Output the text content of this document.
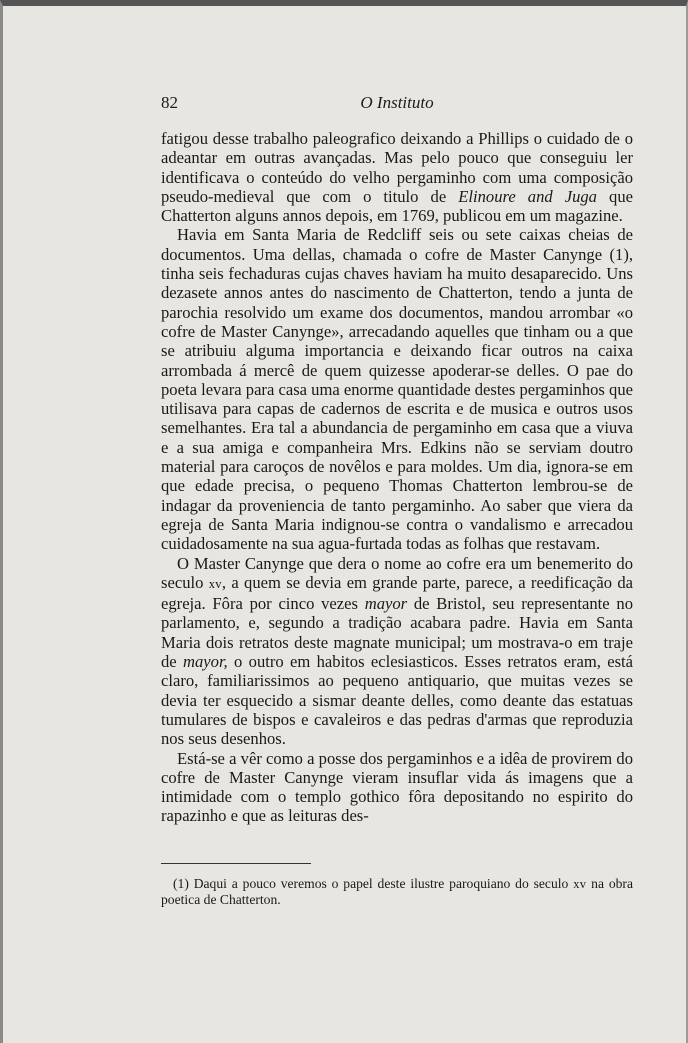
82	O Instituto

fatigou desse trabalho paleografico deixando a Phillips o cuidado de o adeantar em outras avançadas. Mas pelo pouco que conseguiu ler identificava o conteúdo do velho pergaminho com uma composição pseudo-medieval que com o titulo de Elinoure and Juga que Chatterton alguns annos depois, em 1769, publicou em um magazine.

Havia em Santa Maria de Redcliff seis ou sete caixas cheias de documentos. Uma dellas, chamada o cofre de Master Canynge (1), tinha seis fechaduras cujas chaves haviam ha muito desaparecido. Uns dezasete annos antes do nascimento de Chatterton, tendo a junta de parochia resolvido um exame dos documentos, mandou arrombar «o cofre de Master Canynge», arrecadando aquelles que tinham ou a que se atribuiu alguma importancia e deixando ficar outros na caixa arrombada á mercê de quem quizesse apoderar-se delles. O pae do poeta levara para casa uma enorme quantidade destes pergaminhos que utilisava para capas de cadernos de escrita e de musica e outros usos semelhantes. Era tal a abundancia de pergaminho em casa que a viuva e a sua amiga e companheira Mrs. Edkins não se serviam doutro material para caroços de novêlos e para moldes. Um dia, ignora-se em que edade precisa, o pequeno Thomas Chatterton lembrou-se de indagar da proveniencia de tanto pergaminho. Ao saber que viera da egreja de Santa Maria indignou-se contra o vandalismo e arrecadou cuidadosamente na sua agua-furtada todas as folhas que restavam.

O Master Canynge que dera o nome ao cofre era um benemerito do seculo xv, a quem se devia em grande parte, parece, a reedificação da egreja. Fôra por cinco vezes mayor de Bristol, seu representante no parlamento, e, segundo a tradição acabara padre. Havia em Santa Maria dois retratos deste magnate municipal; um mostrava-o em traje de mayor, o outro em habitos eclesiasticos. Esses retratos eram, está claro, familiarissimos ao pequeno antiquario, que muitas vezes se devia ter esquecido a sismar deante delles, como deante das estatuas tumulares de bispos e cavaleiros e das pedras d'armas que reproduzia nos seus desenhos.

Está-se a vêr como a posse dos pergaminhos e a idêa de provirem do cofre de Master Canynge vieram insuflar vida ás imagens que a intimidade com o templo gothico fôra depositando no espirito do rapazinho e que as leituras des-

(1) Daqui a pouco veremos o papel deste ilustre paroquiano do seculo xv na obra poetica de Chatterton.
